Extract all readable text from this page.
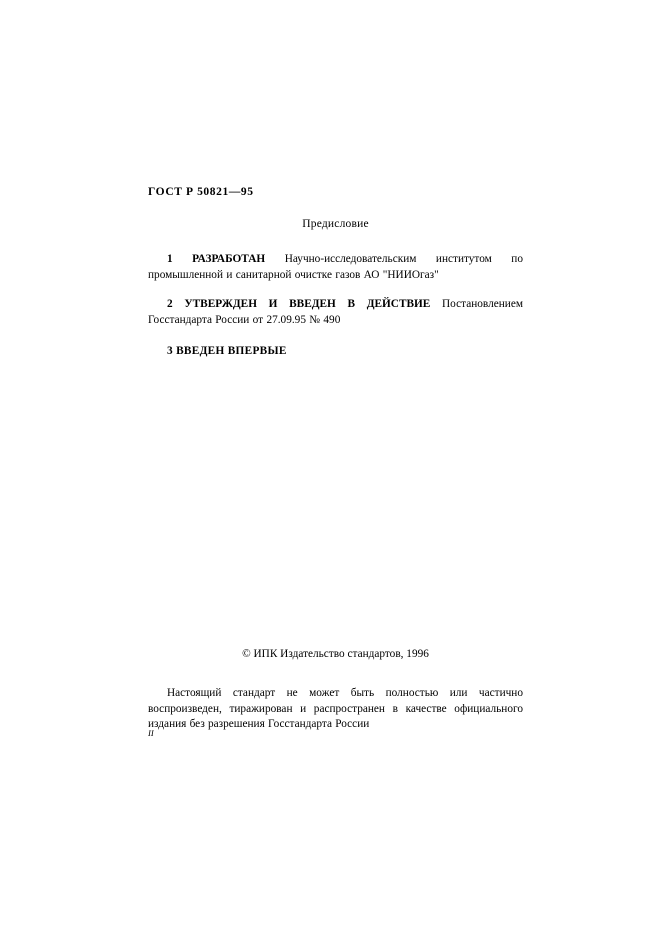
ГОСТ Р 50821—95
Предисловие

1 РАЗРАБОТАН Научно-исследовательским институтом по промышленной и санитарной очистке газов АО "НИИОгаз"

2 УТВЕРЖДЕН И ВВЕДЕН В ДЕЙСТВИЕ Постановлением Госстандарта России от 27.09.95 № 490

3 ВВЕДЕН ВПЕРВЫЕ

© ИПК Издательство стандартов, 1996

Настоящий стандарт не может быть полностью или частично воспроизведен, тиражирован и распространен в качестве официального издания без разрешения Госстандарта России

II
